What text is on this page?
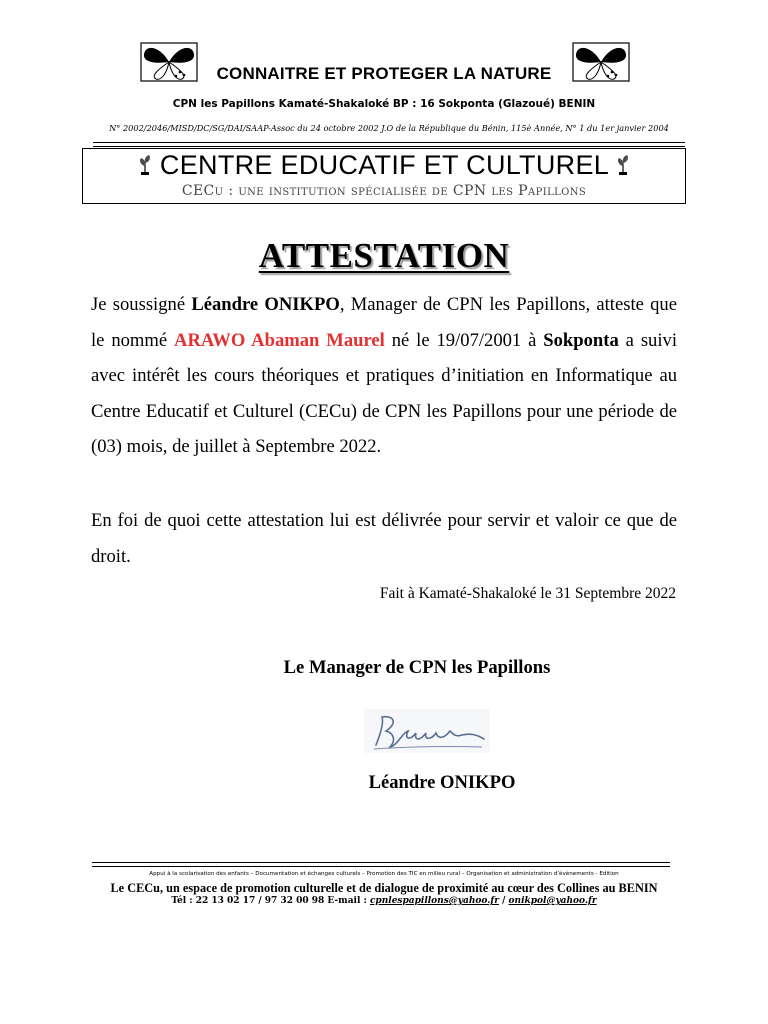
CONNAITRE ET PROTEGER LA NATURE
CPN les Papillons Kamaté-Shakaloké BP : 16 Sokponta (Glazoué) BENIN
N° 2002/2046/MISD/DC/SG/DAI/SAAP-Assoc du 24 octobre 2002 J.O de la République du Bénin, 115è Année, N° 1 du 1er janvier 2004
CENTRE EDUCATIF ET CULTUREL
CECu : une institution spécialisée de CPN les Papillons
ATTESTATION
Je soussigné Léandre ONIKPO, Manager de CPN les Papillons, atteste que le nommé ARAWO Abaman Maurel né le 19/07/2001 à Sokponta a suivi avec intérêt les cours théoriques et pratiques d’initiation en Informatique au Centre Educatif et Culturel (CECu) de CPN les Papillons pour une période de (03) mois, de juillet à Septembre 2022.
En foi de quoi cette attestation lui est délivrée pour servir et valoir ce que de droit.
Fait à Kamaté-Shakaloké le 31 Septembre 2022
Le Manager de CPN les Papillons
Léandre ONIKPO
Appui à la scolarisation des enfants – Documentation et échanges culturels – Promotion des TIC en milieu rural – Organisation et administration d’évènements - Edition
Le CECu, un espace de promotion culturelle et de dialogue de proximité au cœur des Collines au BENIN
Tél : 22 13 02 17 / 97 32 00 98 E-mail : cpnlespapillons@yahoo.fr / onikpol@yahoo.fr
